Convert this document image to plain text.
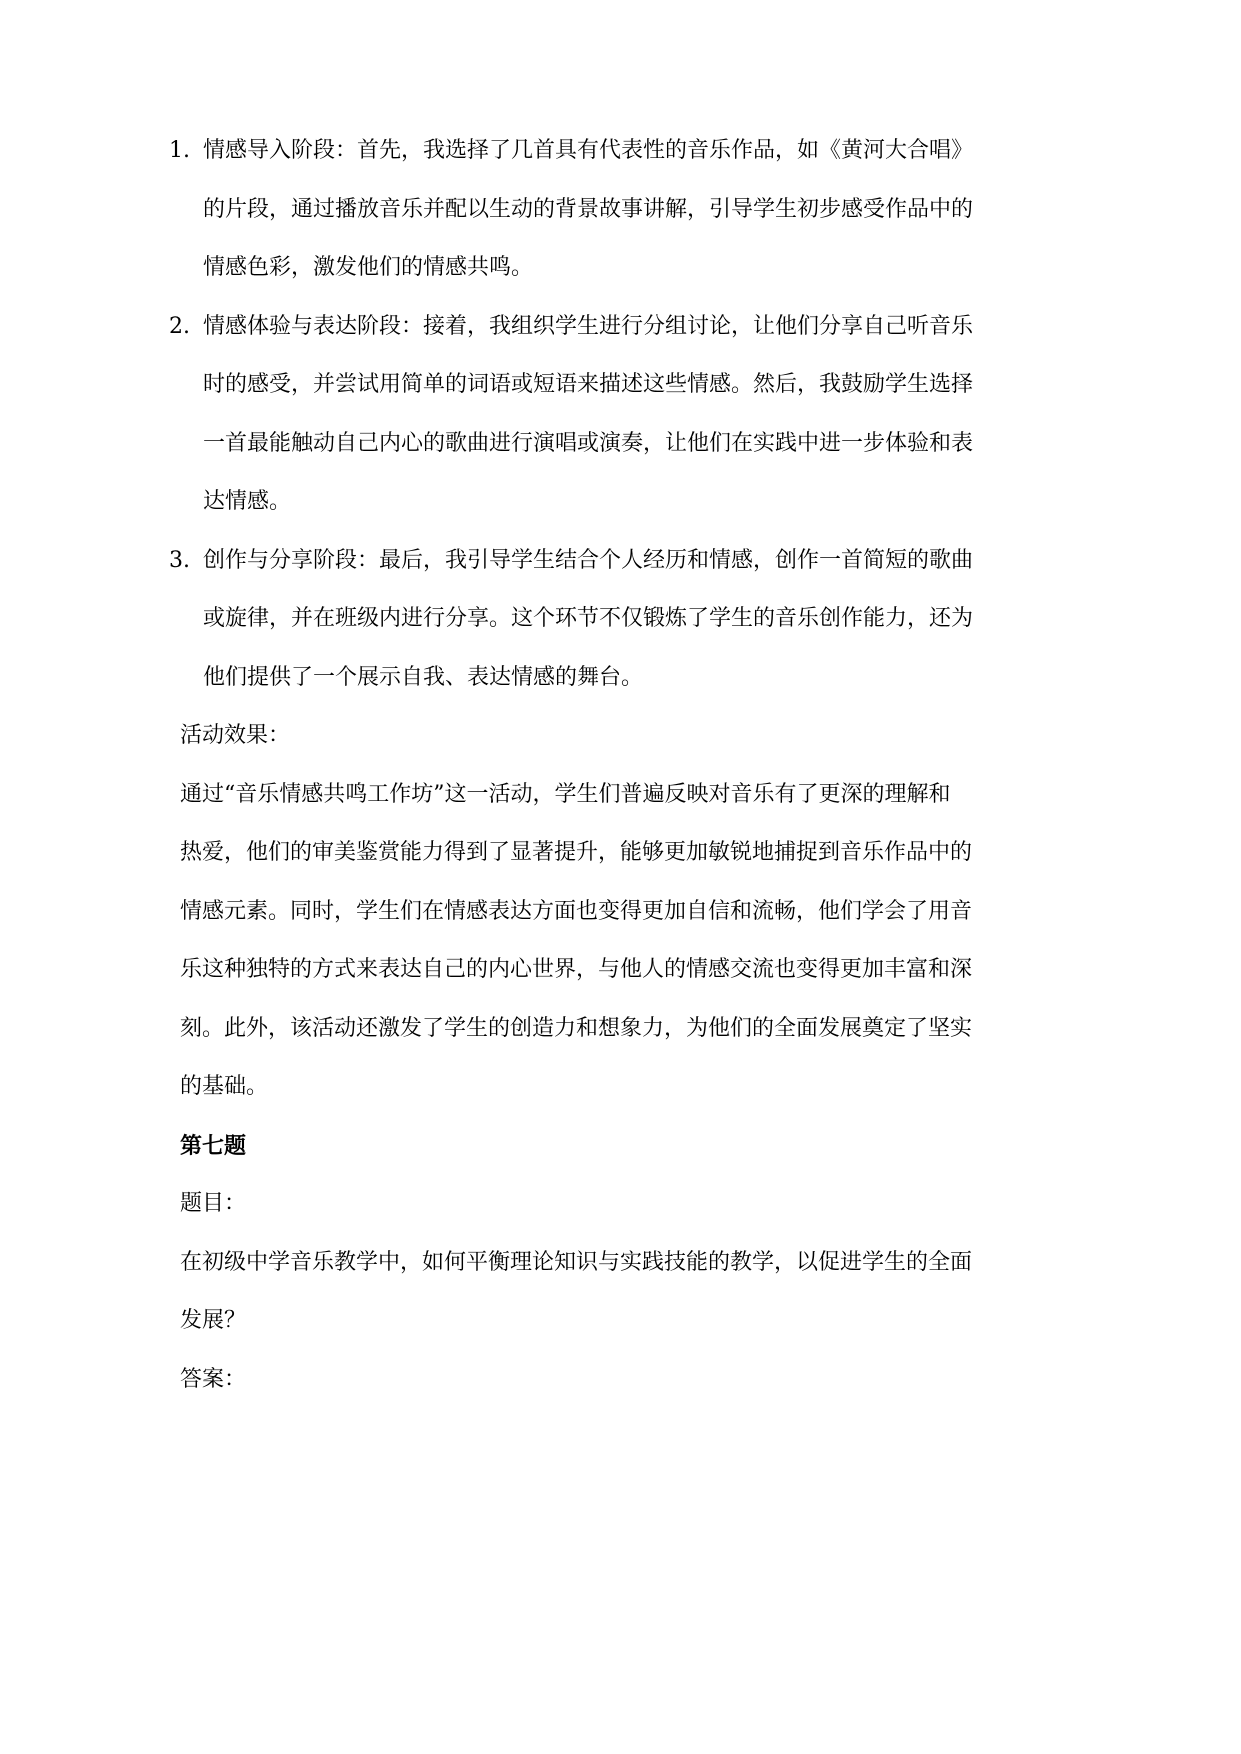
1. 情感导入阶段：首先，我选择了几首具有代表性的音乐作品，如《黄河大合唱》
的片段，通过播放音乐并配以生动的背景故事讲解，引导学生初步感受作品中的
情感色彩，激发他们的情感共鸣。
2. 情感体验与表达阶段：接着，我组织学生进行分组讨论，让他们分享自己听音乐
时的感受，并尝试用简单的词语或短语来描述这些情感。然后，我鼓励学生选择
一首最能触动自己内心的歌曲进行演唱或演奏，让他们在实践中进一步体验和表
达情感。
3. 创作与分享阶段：最后，我引导学生结合个人经历和情感，创作一首简短的歌曲
或旋律，并在班级内进行分享。这个环节不仅锻炼了学生的音乐创作能力，还为
他们提供了一个展示自我、表达情感的舞台。
活动效果：
通过“音乐情感共鸣工作坊”这一活动，学生们普遍反映对音乐有了更深的理解和
热爱，他们的审美鉴赏能力得到了显著提升，能够更加敏锐地捕捉到音乐作品中的
情感元素。同时，学生们在情感表达方面也变得更加自信和流畅，他们学会了用音
乐这种独特的方式来表达自己的内心世界，与他人的情感交流也变得更加丰富和深
刻。此外，该活动还激发了学生的创造力和想象力，为他们的全面发展奠定了坚实
的基础。
第七题
题目：
在初级中学音乐教学中，如何平衡理论知识与实践技能的教学，以促进学生的全面
发展？
答案：
